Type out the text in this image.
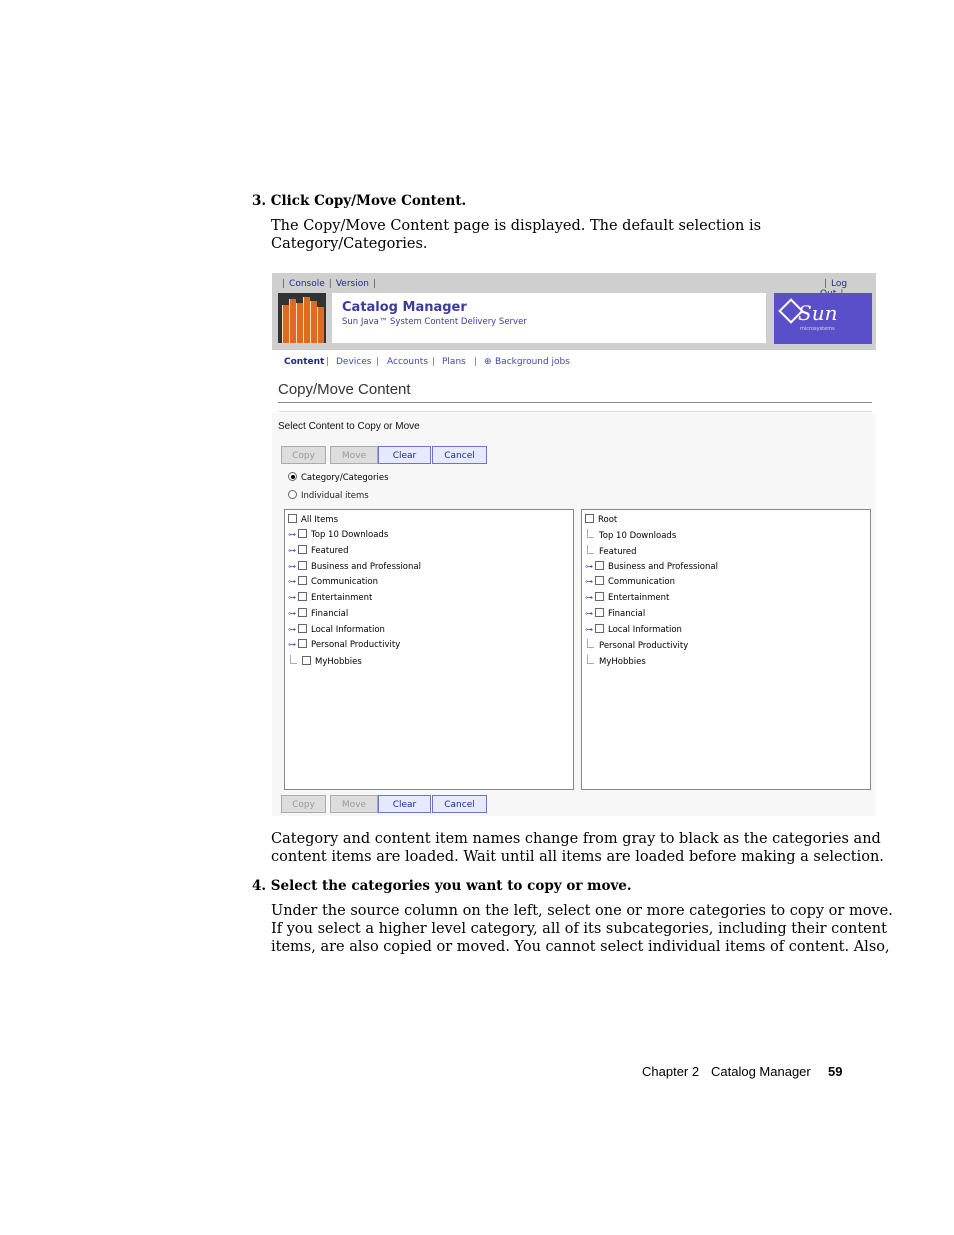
3. Click Copy/Move Content.
The Copy/Move Content page is displayed. The default selection is
Category/Categories.
| Console | Version |	| Log
Catalog Manager
Sun Java™ System Content Delivery Server	Sun
microsystems
Content | Devices | Accounts | Plans | ⊕ Background jobs
Copy/Move Content
Select Content to Copy or Move
Copy	Move	Clear	Cancel
Category/Categories
Individual items
All Items
⊶ Top 10 Downloads
⊶ Featured
⊶ Business and Professional
⊶ Communication
⊶ Entertainment
⊶ Financial
⊶ Local Information
⊶ Personal Productivity
MyHobbies
Root
Top 10 Downloads
Featured
⊶ Business and Professional
⊶ Communication
⊶ Entertainment
⊶ Financial
⊶ Local Information
Personal Productivity
MyHobbies
Copy	Move	Clear	Cancel
Category and content item names change from gray to black as the categories and
content items are loaded. Wait until all items are loaded before making a selection.
4. Select the categories you want to copy or move.
Under the source column on the left, select one or more categories to copy or move.
If you select a higher level category, all of its subcategories, including their content
items, are also copied or moved. You cannot select individual items of content. Also,
Chapter 2 Catalog Manager 59
